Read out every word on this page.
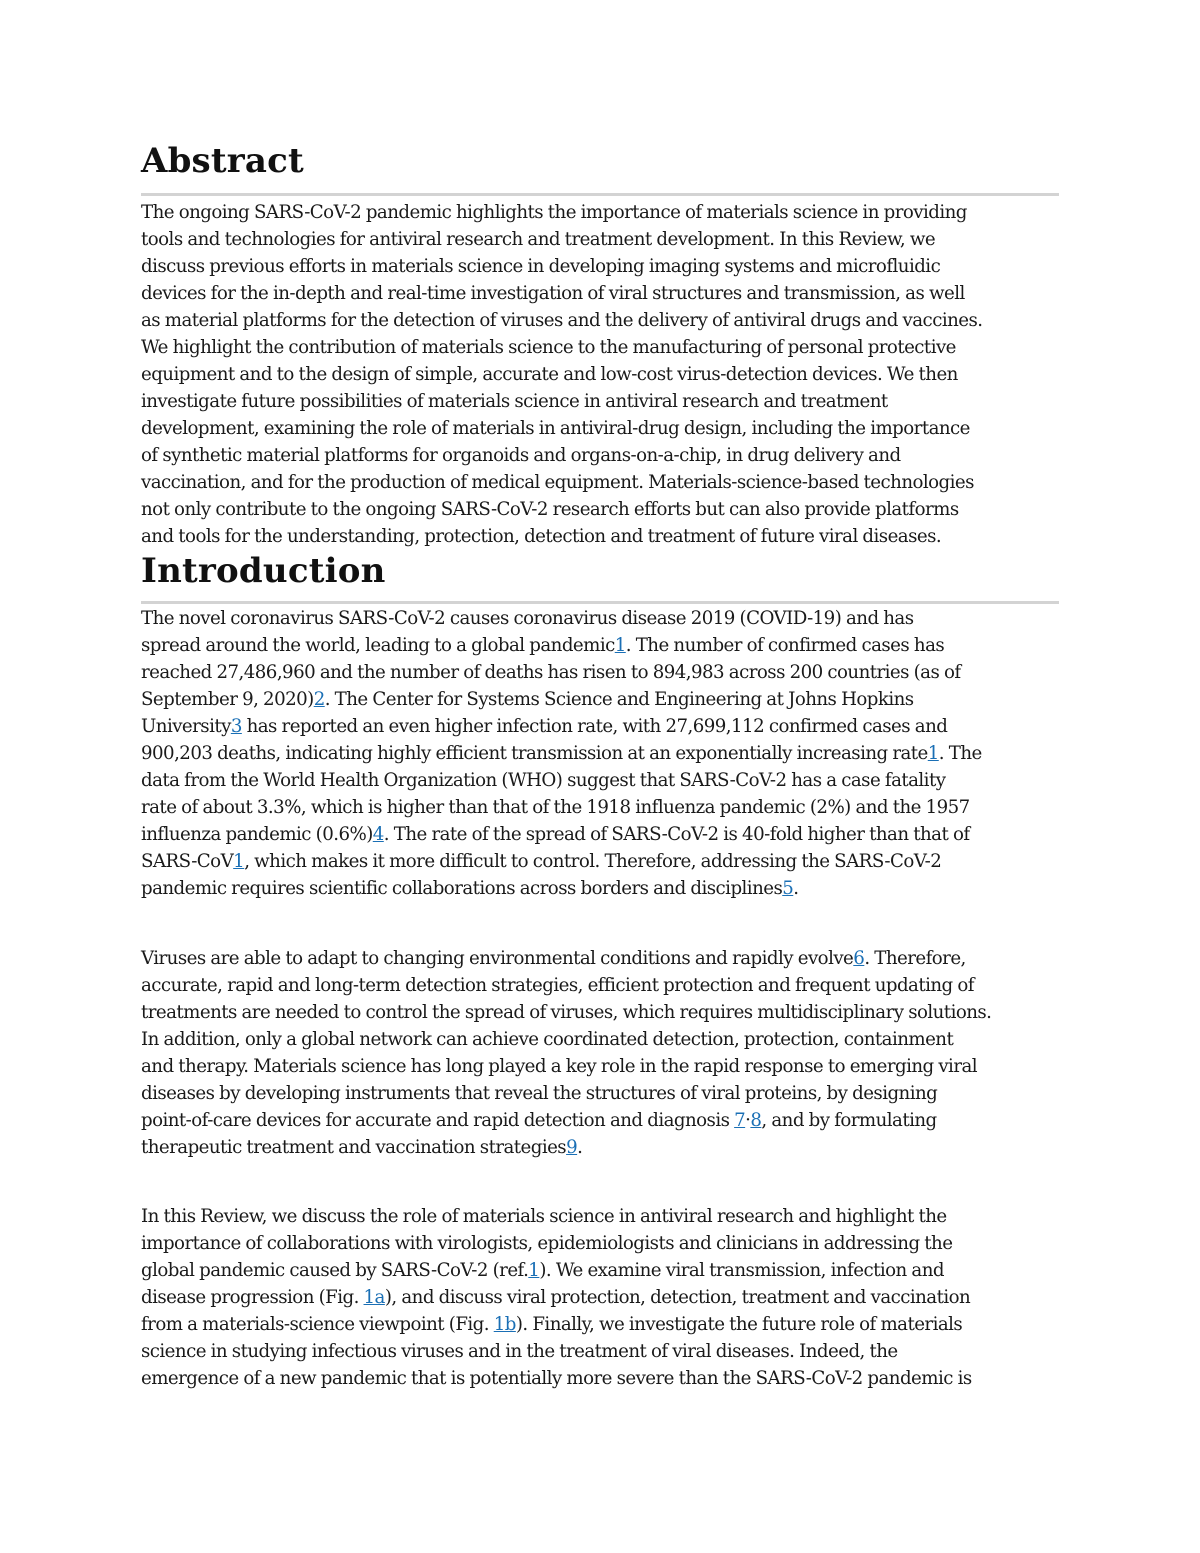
Abstract

The ongoing SARS-CoV-2 pandemic highlights the importance of materials science in providing
tools and technologies for antiviral research and treatment development. In this Review, we
discuss previous efforts in materials science in developing imaging systems and microfluidic
devices for the in-depth and real-time investigation of viral structures and transmission, as well
as material platforms for the detection of viruses and the delivery of antiviral drugs and vaccines.
We highlight the contribution of materials science to the manufacturing of personal protective
equipment and to the design of simple, accurate and low-cost virus-detection devices. We then
investigate future possibilities of materials science in antiviral research and treatment
development, examining the role of materials in antiviral-drug design, including the importance
of synthetic material platforms for organoids and organs-on-a-chip, in drug delivery and
vaccination, and for the production of medical equipment. Materials-science-based technologies
not only contribute to the ongoing SARS-CoV-2 research efforts but can also provide platforms
and tools for the understanding, protection, detection and treatment of future viral diseases.

Introduction

The novel coronavirus SARS-CoV-2 causes coronavirus disease 2019 (COVID-19) and has
spread around the world, leading to a global pandemic1. The number of confirmed cases has
reached 27,486,960 and the number of deaths has risen to 894,983 across 200 countries (as of
September 9, 2020)2. The Center for Systems Science and Engineering at Johns Hopkins
University3 has reported an even higher infection rate, with 27,699,112 confirmed cases and
900,203 deaths, indicating highly efficient transmission at an exponentially increasing rate1. The
data from the World Health Organization (WHO) suggest that SARS-CoV-2 has a case fatality
rate of about 3.3%, which is higher than that of the 1918 influenza pandemic (2%) and the 1957
influenza pandemic (0.6%)4. The rate of the spread of SARS-CoV-2 is 40-fold higher than that of
SARS-CoV1, which makes it more difficult to control. Therefore, addressing the SARS-CoV-2
pandemic requires scientific collaborations across borders and disciplines5.

Viruses are able to adapt to changing environmental conditions and rapidly evolve6. Therefore,
accurate, rapid and long-term detection strategies, efficient protection and frequent updating of
treatments are needed to control the spread of viruses, which requires multidisciplinary solutions.
In addition, only a global network can achieve coordinated detection, protection, containment
and therapy. Materials science has long played a key role in the rapid response to emerging viral
diseases by developing instruments that reveal the structures of viral proteins, by designing
point-of-care devices for accurate and rapid detection and diagnosis 7·8, and by formulating
therapeutic treatment and vaccination strategies9.

In this Review, we discuss the role of materials science in antiviral research and highlight the
importance of collaborations with virologists, epidemiologists and clinicians in addressing the
global pandemic caused by SARS-CoV-2 (ref.1). We examine viral transmission, infection and
disease progression (Fig. 1a), and discuss viral protection, detection, treatment and vaccination
from a materials-science viewpoint (Fig. 1b). Finally, we investigate the future role of materials
science in studying infectious viruses and in the treatment of viral diseases. Indeed, the
emergence of a new pandemic that is potentially more severe than the SARS-CoV-2 pandemic is
